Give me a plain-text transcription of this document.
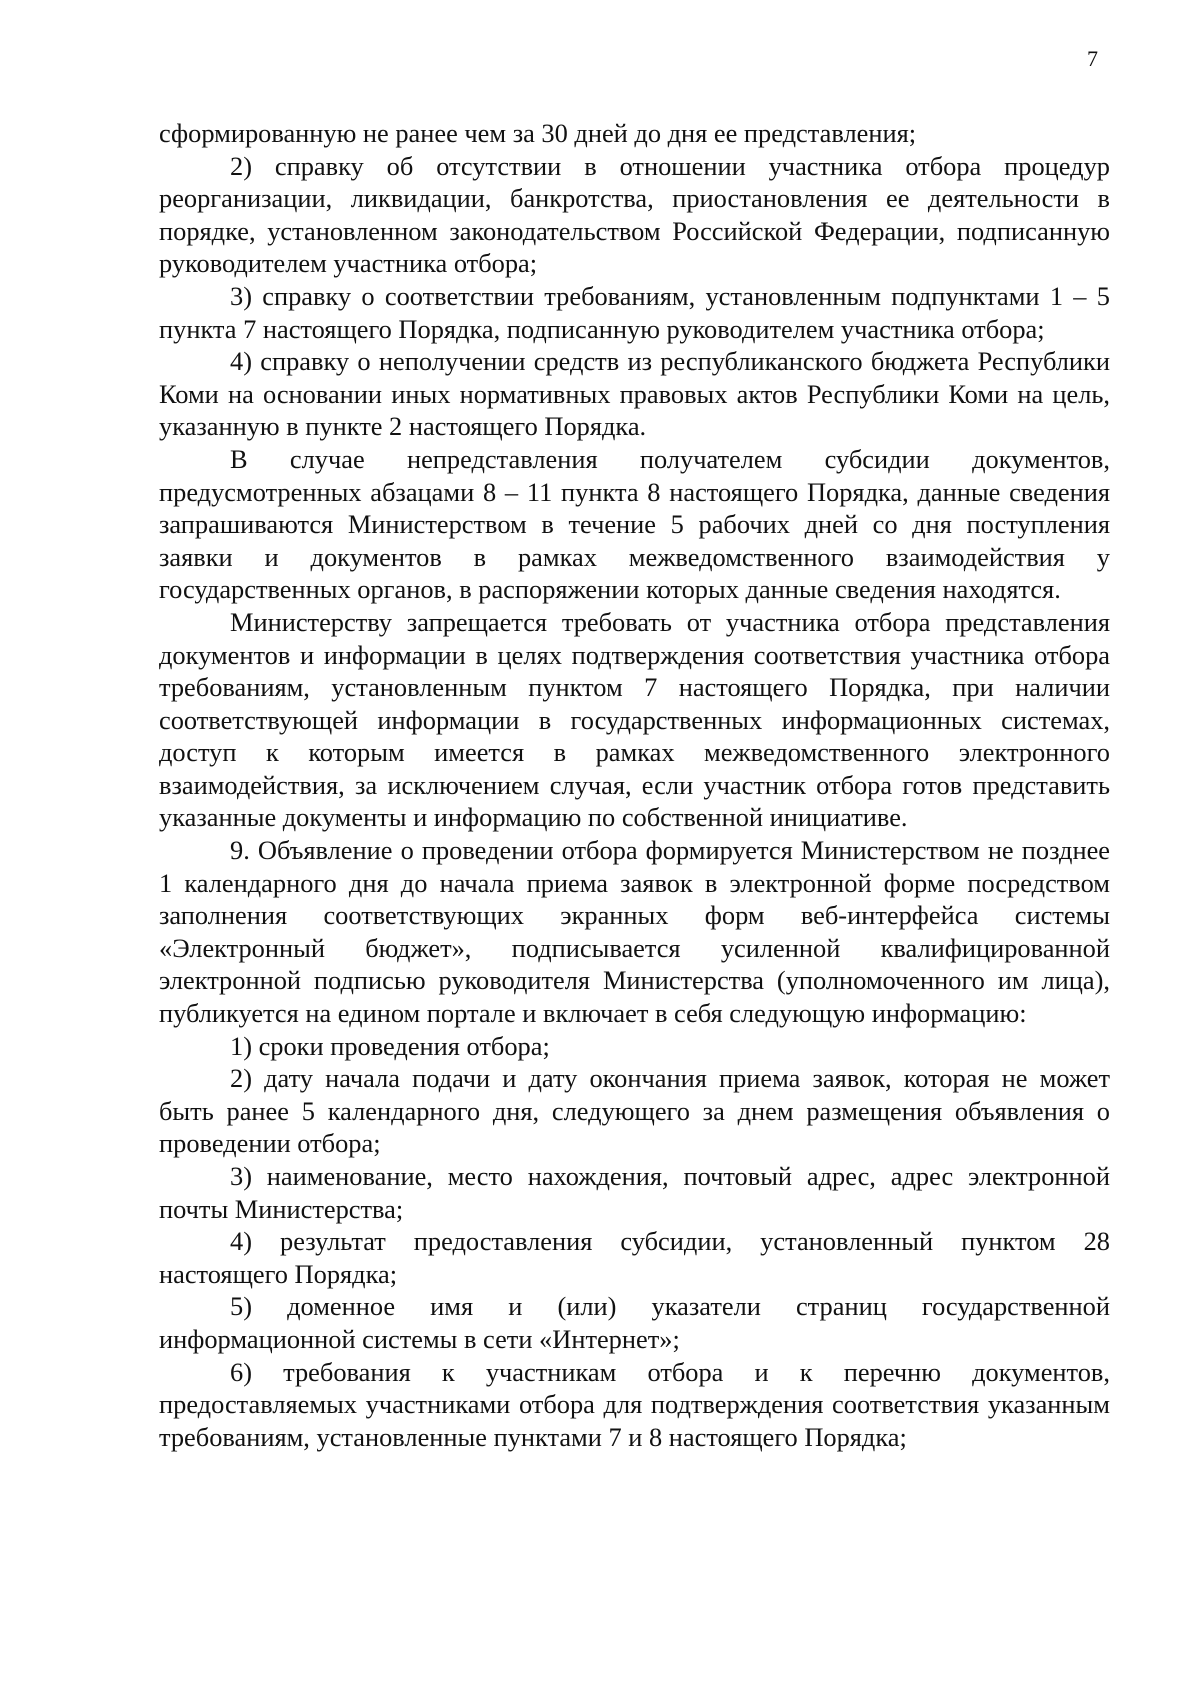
7

сформированную не ранее чем за 30 дней до дня ее представления;

2) справку об отсутствии в отношении участника отбора процедур реорганизации, ликвидации, банкротства, приостановления ее деятельности в порядке, установленном законодательством Российской Федерации, подписанную руководителем участника отбора;

3) справку о соответствии требованиям, установленным подпунктами 1 – 5 пункта 7 настоящего Порядка, подписанную руководителем участника отбора;

4) справку о неполучении средств из республиканского бюджета Республики Коми на основании иных нормативных правовых актов Республики Коми на цель, указанную в пункте 2 настоящего Порядка.

В случае непредставления получателем субсидии документов, предусмотренных абзацами 8 – 11 пункта 8 настоящего Порядка, данные сведения запрашиваются Министерством в течение 5 рабочих дней со дня поступления заявки и документов в рамках межведомственного взаимодействия у государственных органов, в распоряжении которых данные сведения находятся.

Министерству запрещается требовать от участника отбора представления документов и информации в целях подтверждения соответствия участника отбора требованиям, установленным пунктом 7 настоящего Порядка, при наличии соответствующей информации в государственных информационных системах, доступ к которым имеется в рамках межведомственного электронного взаимодействия, за исключением случая, если участник отбора готов представить указанные документы и информацию по собственной инициативе.

9. Объявление о проведении отбора формируется Министерством не позднее 1 календарного дня до начала приема заявок в электронной форме посредством заполнения соответствующих экранных форм веб-интерфейса системы «Электронный бюджет», подписывается усиленной квалифицированной электронной подписью руководителя Министерства (уполномоченного им лица), публикуется на едином портале и включает в себя следующую информацию:

1) сроки проведения отбора;

2) дату начала подачи и дату окончания приема заявок, которая не может быть ранее 5 календарного дня, следующего за днем размещения объявления о проведении отбора;

3) наименование, место нахождения, почтовый адрес, адрес электронной почты Министерства;

4) результат предоставления субсидии, установленный пунктом 28 настоящего Порядка;

5) доменное имя и (или) указатели страниц государственной информационной системы в сети «Интернет»;

6) требования к участникам отбора и к перечню документов, предоставляемых участниками отбора для подтверждения соответствия указанным требованиям, установленные пунктами 7 и 8 настоящего Порядка;
